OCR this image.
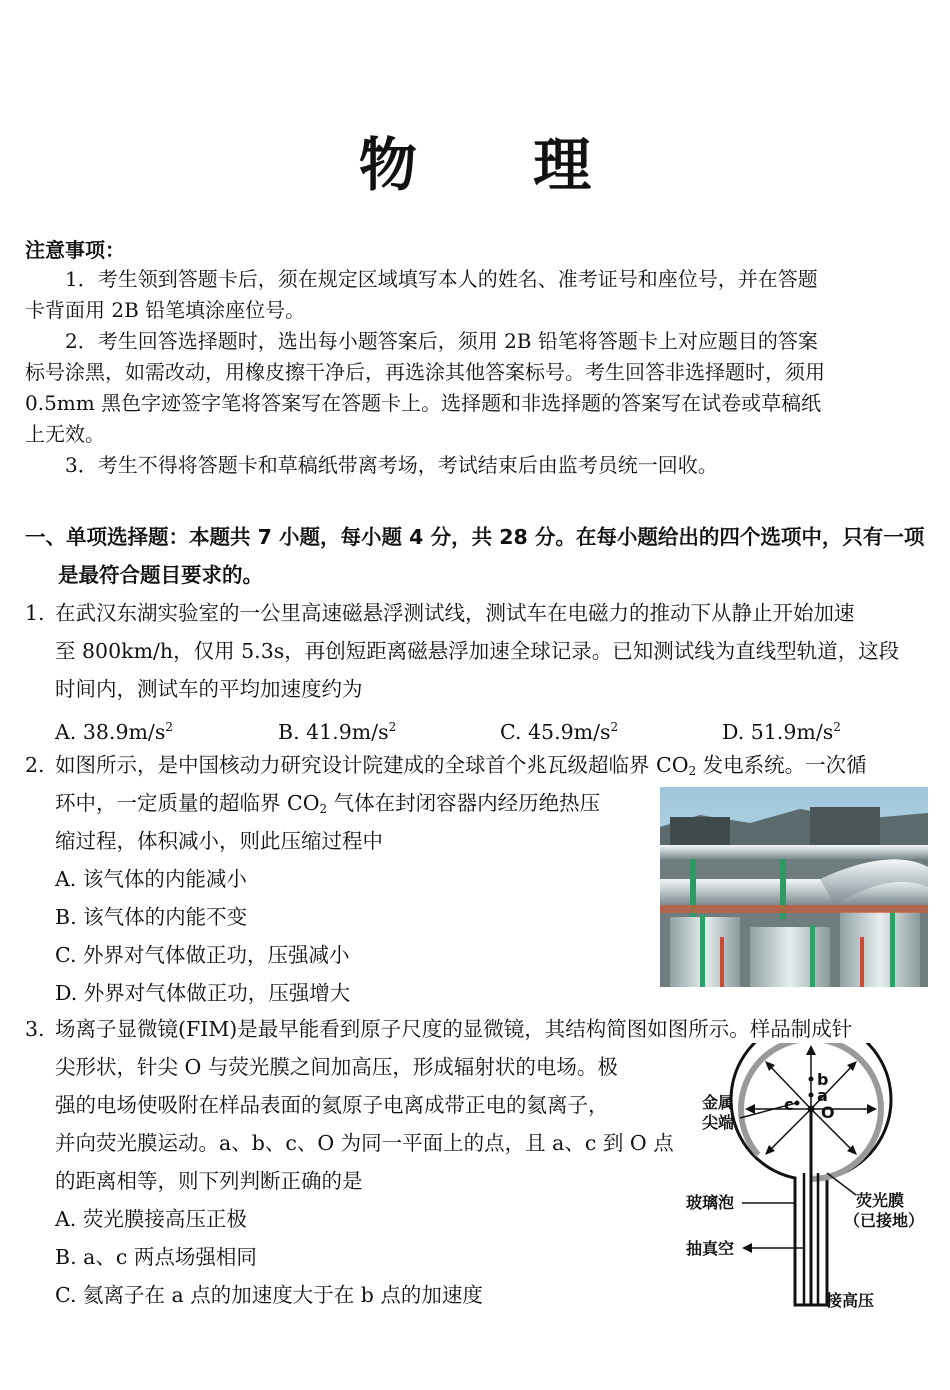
物 理
注意事项：
1．考生领到答题卡后，须在规定区域填写本人的姓名、准考证号和座位号，并在答题
卡背面用 2B 铅笔填涂座位号。
2．考生回答选择题时，选出每小题答案后，须用 2B 铅笔将答题卡上对应题目的答案
标号涂黑，如需改动，用橡皮擦干净后，再选涂其他答案标号。考生回答非选择题时，须用
0.5mm 黑色字迹签字笔将答案写在答题卡上。选择题和非选择题的答案写在试卷或草稿纸
上无效。
3．考生不得将答题卡和草稿纸带离考场，考试结束后由监考员统一回收。
一、单项选择题：本题共 7 小题，每小题 4 分，共 28 分。在每小题给出的四个选项中，只有一项
是最符合题目要求的。
1. 在武汉东湖实验室的一公里高速磁悬浮测试线，测试车在电磁力的推动下从静止开始加速
至 800km/h，仅用 5.3s，再创短距离磁悬浮加速全球记录。已知测试线为直线型轨道，这段
时间内，测试车的平均加速度约为
A. $38.9m/s^2$	B. $41.9m/s^2$	C. $45.9m/s^2$	D. $51.9m/s^2$
2. 如图所示，是中国核动力研究设计院建成的全球首个兆瓦级超临界 $CO_2$ 发电系统。一次循
环中，一定质量的超临界 $CO_2$ 气体在封闭容器内经历绝热压
缩过程，体积减小，则此压缩过程中
A. 该气体的内能减小
B. 该气体的内能不变
C. 外界对气体做正功，压强减小
D. 外界对气体做正功，压强增大
3. 场离子显微镜(FIM)是最早能看到原子尺度的显微镜，其结构简图如图所示。样品制成针
尖形状，针尖 O 与荧光膜之间加高压，形成辐射状的电场。极
强的电场使吸附在样品表面的氦原子电离成带正电的氦离子，
并向荧光膜运动。a、b、c、O 为同一平面上的点，且 a、c 到 O 点
的距离相等，则下列判断正确的是
A. 荧光膜接高压正极
B. a、c 两点场强相同
C. 氦离子在 a 点的加速度大于在 b 点的加速度
金属
尖端
玻璃泡	荧光膜
（已接地）
抽真空
接高压
b
a
c O
